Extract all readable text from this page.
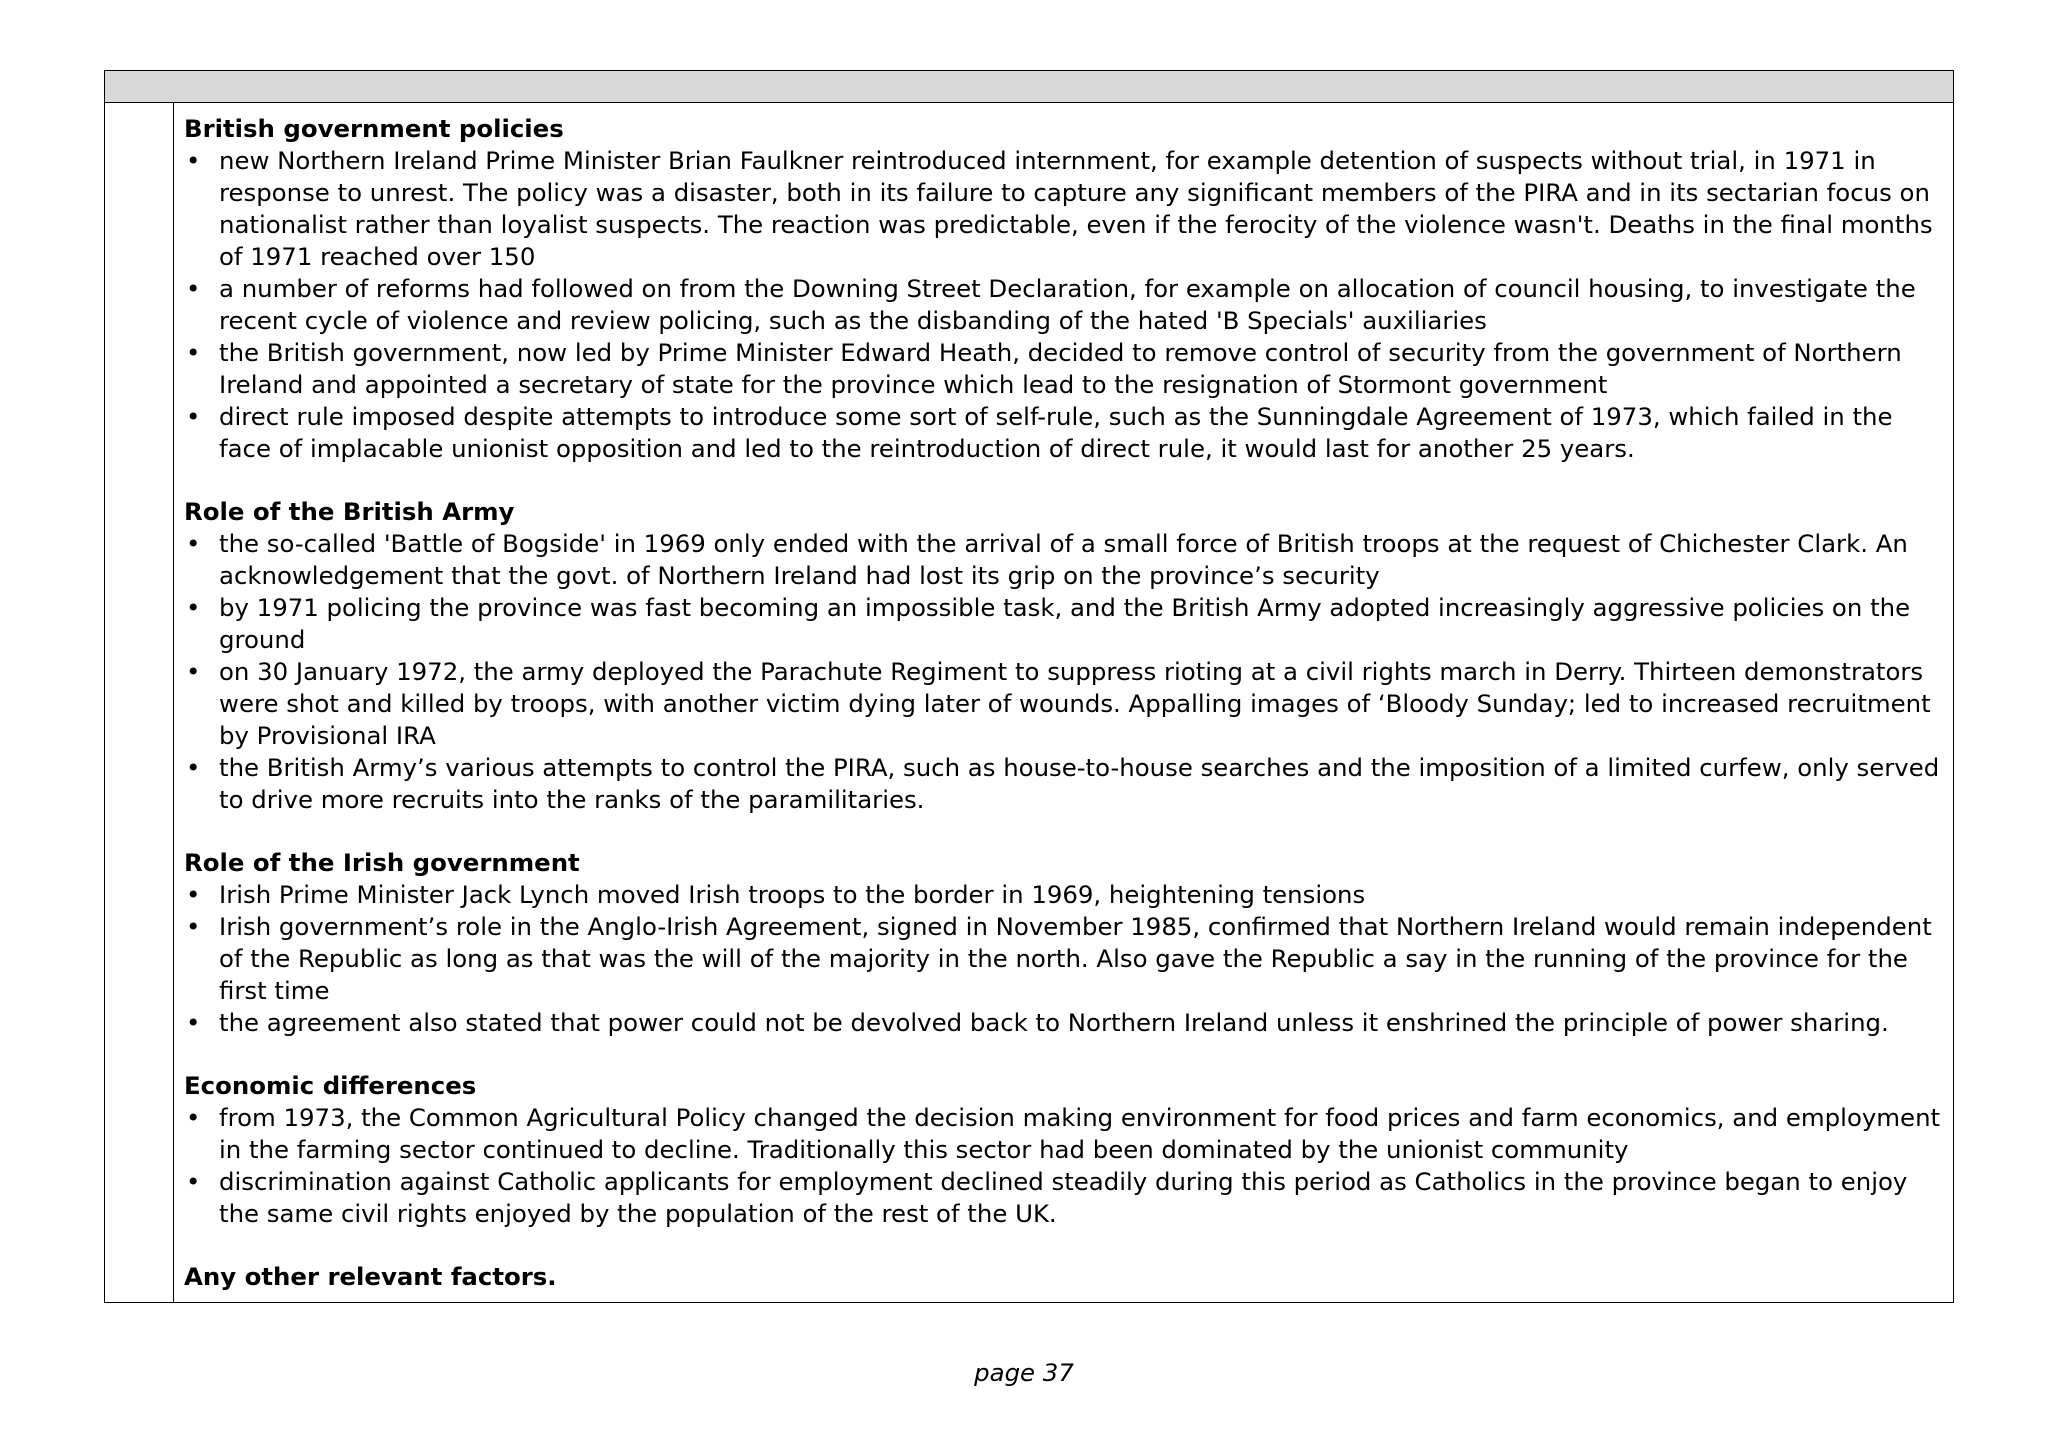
British government policies

• new Northern Ireland Prime Minister Brian Faulkner reintroduced internment, for example detention of suspects without trial, in 1971 in response to unrest. The policy was a disaster, both in its failure to capture any significant members of the PIRA and in its sectarian focus on nationalist rather than loyalist suspects. The reaction was predictable, even if the ferocity of the violence wasn't. Deaths in the final months of 1971 reached over 150
• a number of reforms had followed on from the Downing Street Declaration, for example on allocation of council housing, to investigate the recent cycle of violence and review policing, such as the disbanding of the hated 'B Specials' auxiliaries
• the British government, now led by Prime Minister Edward Heath, decided to remove control of security from the government of Northern Ireland and appointed a secretary of state for the province which lead to the resignation of Stormont government
• direct rule imposed despite attempts to introduce some sort of self-rule, such as the Sunningdale Agreement of 1973, which failed in the face of implacable unionist opposition and led to the reintroduction of direct rule, it would last for another 25 years.

Role of the British Army

• the so-called 'Battle of Bogside' in 1969 only ended with the arrival of a small force of British troops at the request of Chichester Clark. An acknowledgement that the govt. of Northern Ireland had lost its grip on the province’s security
• by 1971 policing the province was fast becoming an impossible task, and the British Army adopted increasingly aggressive policies on the ground
• on 30 January 1972, the army deployed the Parachute Regiment to suppress rioting at a civil rights march in Derry. Thirteen demonstrators were shot and killed by troops, with another victim dying later of wounds. Appalling images of ‘Bloody Sunday; led to increased recruitment by Provisional IRA
• the British Army’s various attempts to control the PIRA, such as house-to-house searches and the imposition of a limited curfew, only served to drive more recruits into the ranks of the paramilitaries.

Role of the Irish government

• Irish Prime Minister Jack Lynch moved Irish troops to the border in 1969, heightening tensions
• Irish government’s role in the Anglo-Irish Agreement, signed in November 1985, confirmed that Northern Ireland would remain independent of the Republic as long as that was the will of the majority in the north. Also gave the Republic a say in the running of the province for the first time
• the agreement also stated that power could not be devolved back to Northern Ireland unless it enshrined the principle of power sharing.

Economic differences

• from 1973, the Common Agricultural Policy changed the decision making environment for food prices and farm economics, and employment in the farming sector continued to decline. Traditionally this sector had been dominated by the unionist community
• discrimination against Catholic applicants for employment declined steadily during this period as Catholics in the province began to enjoy the same civil rights enjoyed by the population of the rest of the UK.

Any other relevant factors.

page 37
